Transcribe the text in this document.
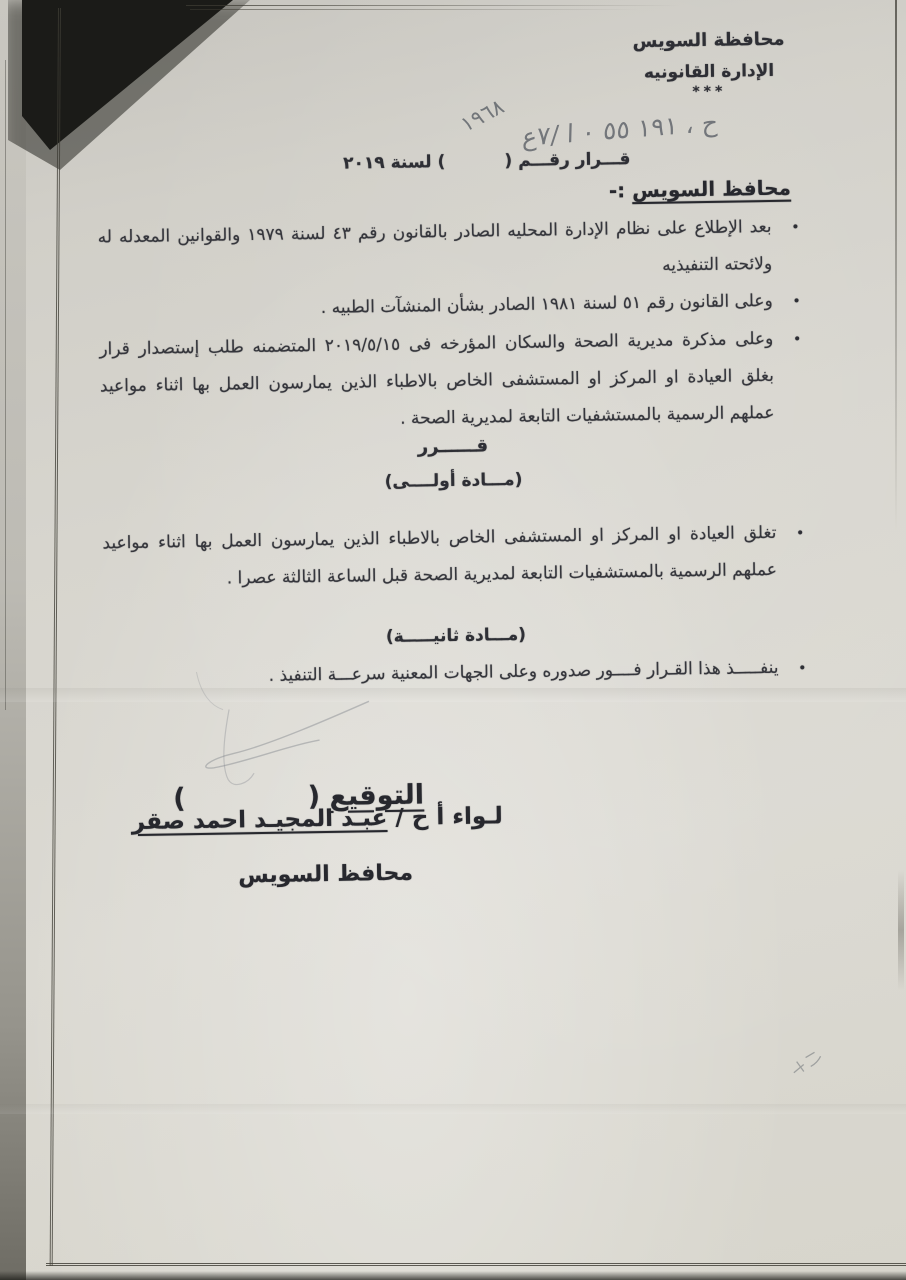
محافظة السويس
الإدارة القانونيه
***
ح ، ١٩١ ٥٥ ٠ ا /٧ع
١٩٦٨
قـــرار رقـــم (          ) لسنة ٢٠١٩
محافظ السويس :-
•

بعد الإطلاع على نظام الإدارة المحليه الصادر بالقانون رقم ٤٣ لسنة ١٩٧٩ والقوانين المعدله له ولائحته التنفيذيه

•

وعلى القانون رقم ٥١ لسنة ١٩٨١ الصادر بشأن المنشآت الطبيه .

•

وعلى مذكرة مديرية الصحة والسكان المؤرخه فى ٢٠١٩/٥/١٥ المتضمنه طلب إستصدار قرار بغلق العيادة او المركز او المستشفى الخاص بالاطباء الذين يمارسون العمل بها اثناء مواعيد عملهم الرسمية بالمستشفيات التابعة لمديرية الصحة .

قــــــرر
(مـــادة أولــــى)
•

تغلق العيادة او المركز او المستشفى الخاص بالاطباء الذين يمارسون العمل بها اثناء مواعيد عملهم الرسمية بالمستشفيات التابعة لمديرية الصحة قبل الساعة الثالثة عصرا .

(مـــادة ثانيـــــة)
•

ينفـــــذ هذا القـرار فــــور صدوره وعلى الجهات المعنية سرعـــة التنفيذ .

التوقيع (             )

لـواء أ ح / عبـد المجيـد احمد صقر
محافظ السويس
